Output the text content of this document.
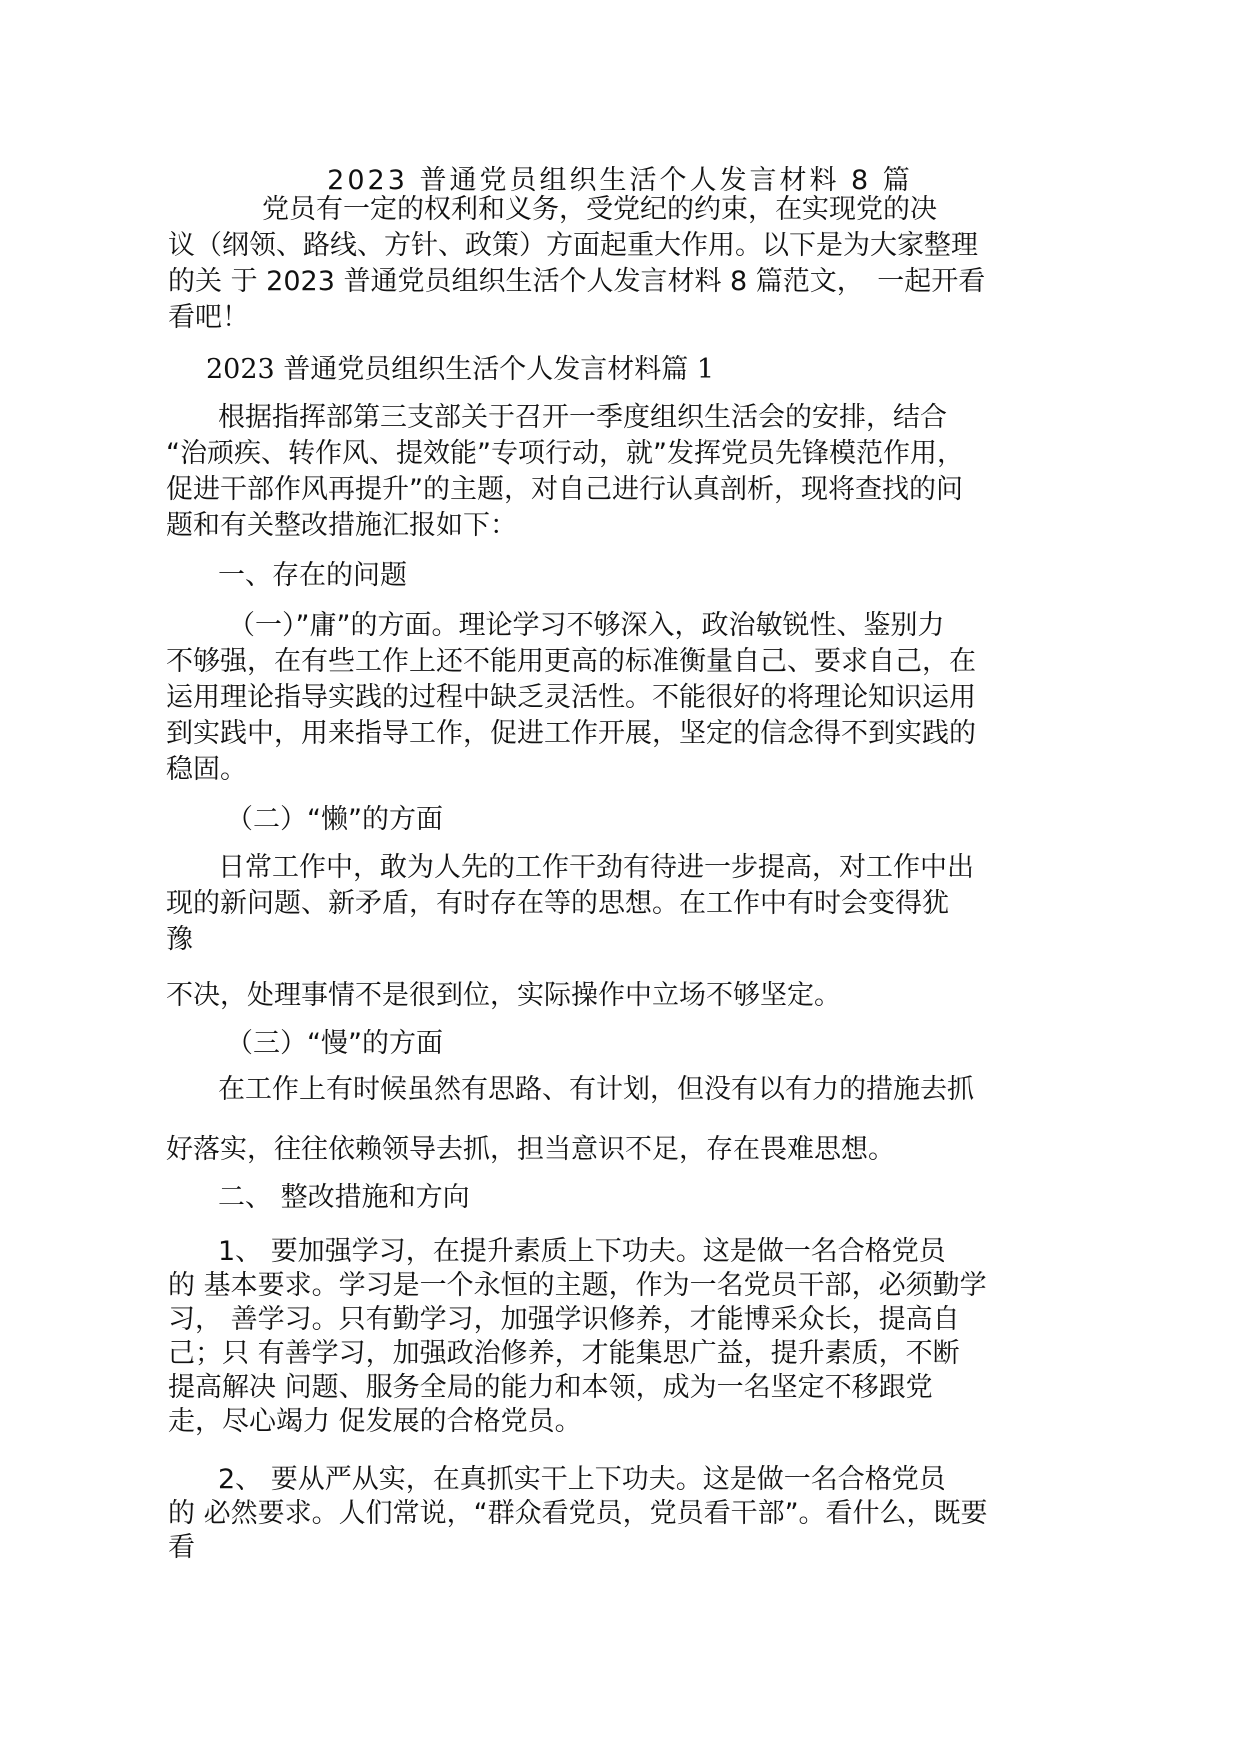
2023 普通党员组织生活个人发言材料 8 篇

党员有一定的权利和义务，受党纪的约束，在实现党的决

议（纲领、路线、方针、政策）方面起重大作用。以下是为大家整理

的关 于 2023 普通党员组织生活个人发言材料 8 篇范文，　一起开看

看吧！

2023 普通党员组织生活个人发言材料篇 1

根据指挥部第三支部关于召开一季度组织生活会的安排，结合

“治顽疾、转作风、提效能”专项行动，就”发挥党员先锋模范作用，

促进干部作风再提升”的主题，对自己进行认真剖析，现将查找的问

题和有关整改措施汇报如下：

一、存在的问题

（一）”庸”的方面。理论学习不够深入，政治敏锐性、鉴别力

不够强，在有些工作上还不能用更高的标准衡量自己、要求自己，在

运用理论指导实践的过程中缺乏灵活性。不能很好的将理论知识运用

到实践中，用来指导工作，促进工作开展，坚定的信念得不到实践的

稳固。

（二）“懒”的方面

日常工作中，敢为人先的工作干劲有待进一步提高，对工作中出

现的新问题、新矛盾，有时存在等的思想。在工作中有时会变得犹

豫

不决，处理事情不是很到位，实际操作中立场不够坚定。

（三）“慢”的方面

在工作上有时候虽然有思路、有计划，但没有以有力的措施去抓

好落实，往往依赖领导去抓，担当意识不足，存在畏难思想。

二、 整改措施和方向

1、 要加强学习，在提升素质上下功夫。这是做一名合格党员

的 基本要求。学习是一个永恒的主题，作为一名党员干部，必须勤学

习， 善学习。只有勤学习，加强学识修养，才能博采众长，提高自

己；只 有善学习，加强政治修养，才能集思广益，提升素质，不断

提高解决 问题、服务全局的能力和本领，成为一名坚定不移跟党

走，尽心竭力 促发展的合格党员。

2、 要从严从实，在真抓实干上下功夫。这是做一名合格党员

的 必然要求。人们常说，“群众看党员，党员看干部”。看什么，既要

看
